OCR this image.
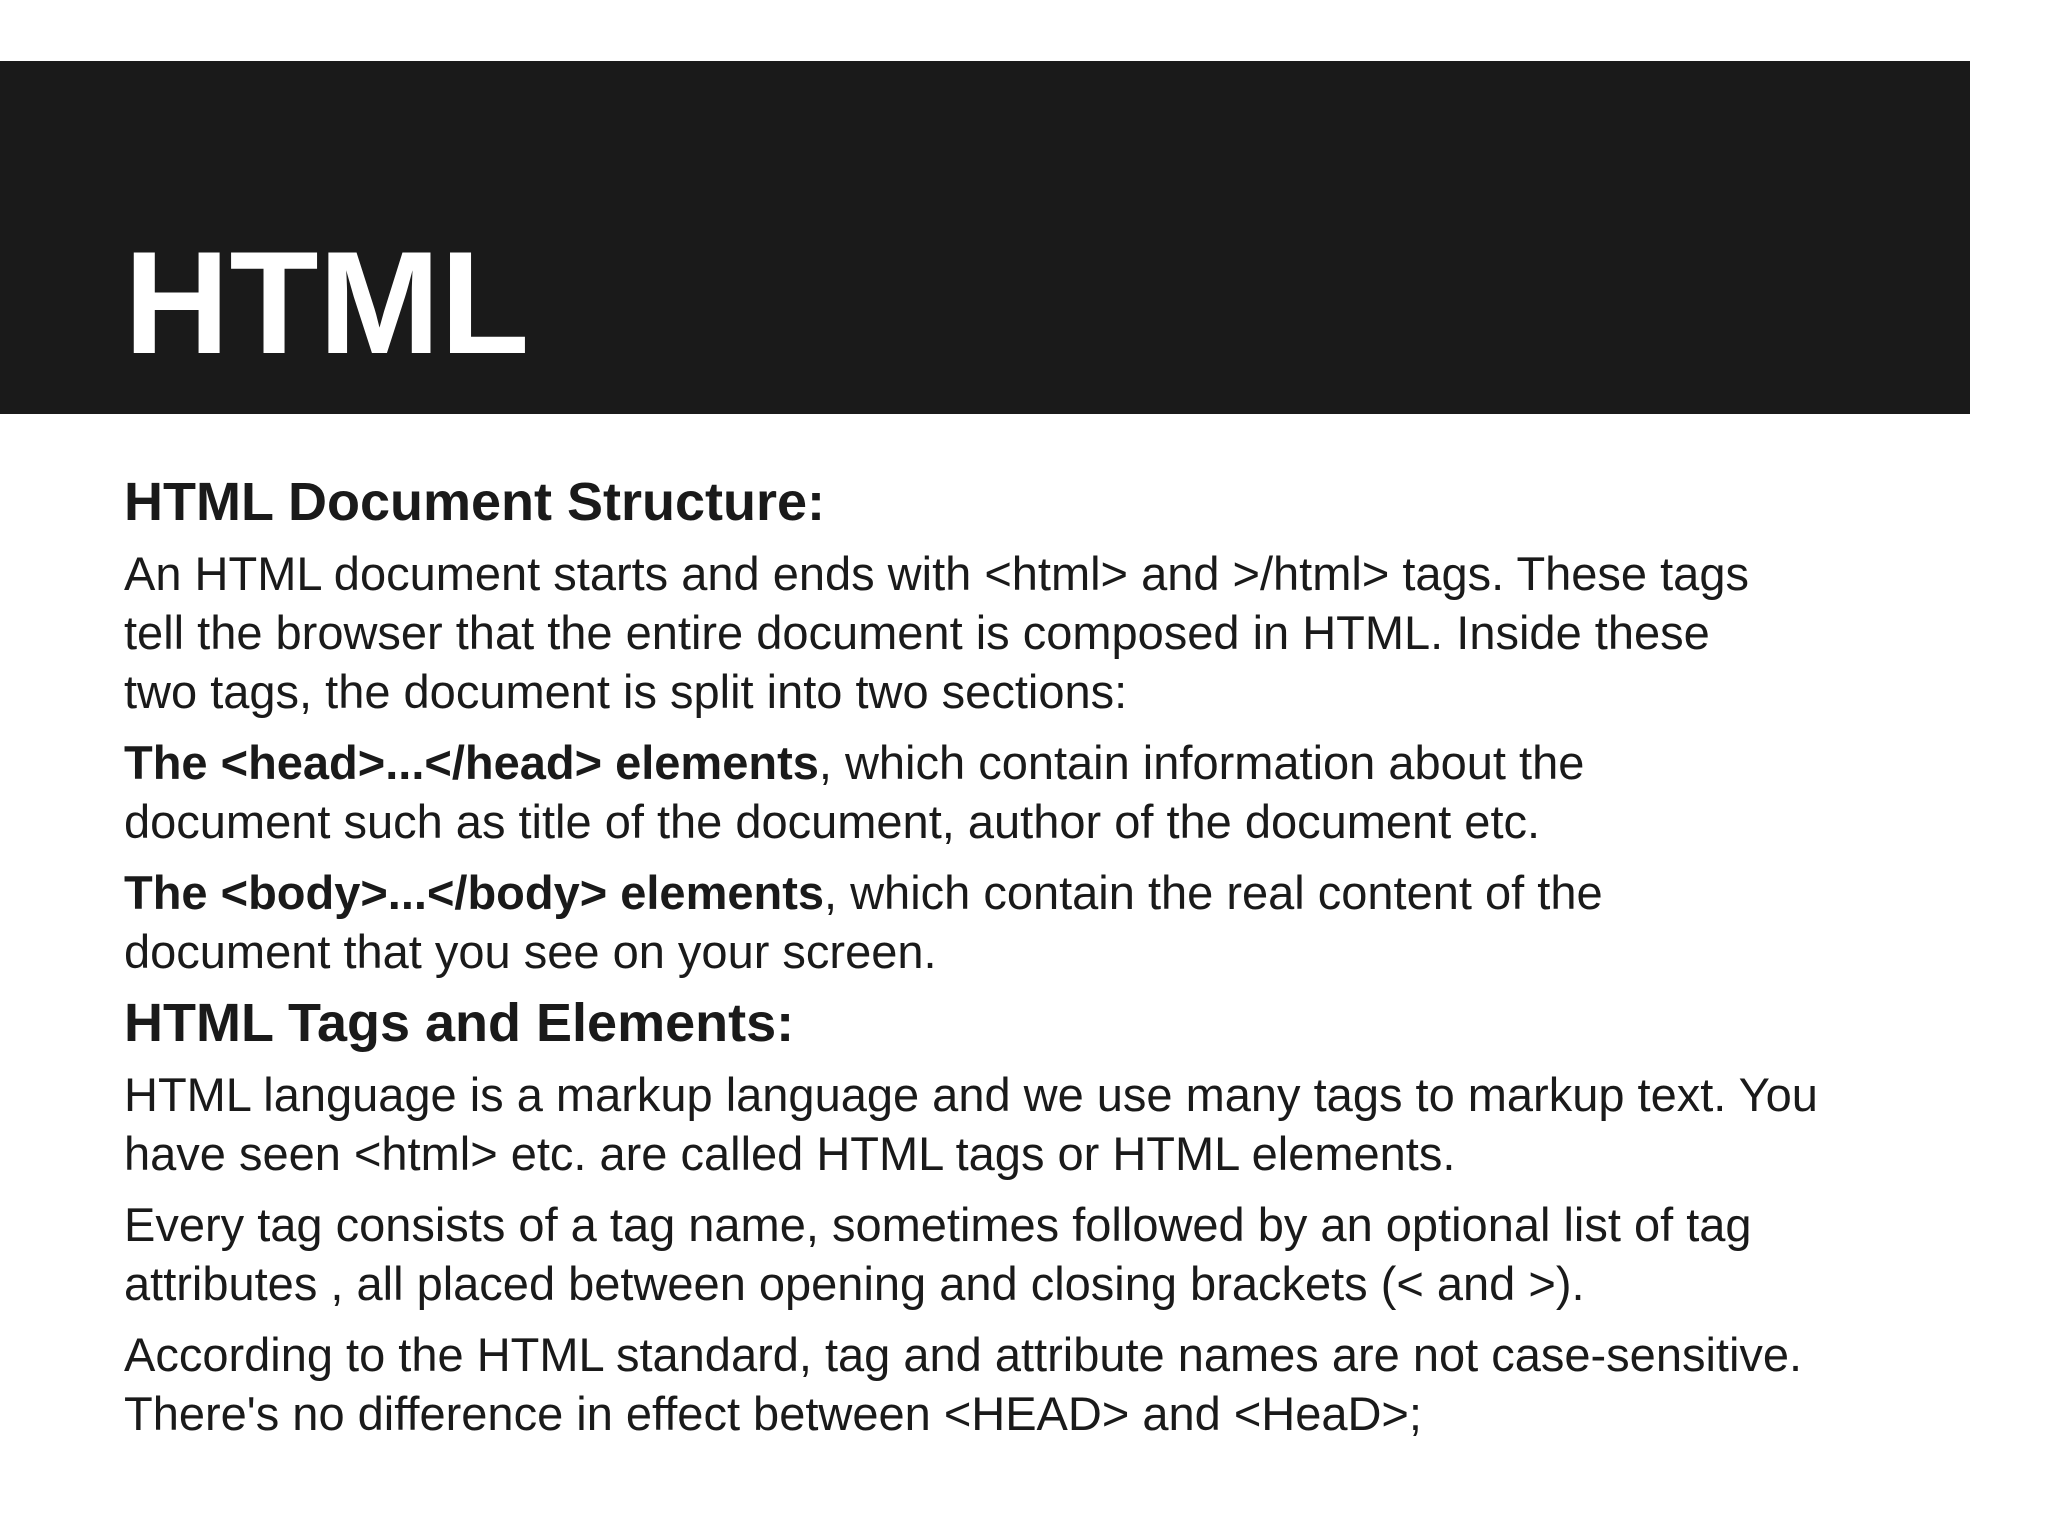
HTML
HTML Document Structure:

An HTML document starts and ends with <html> and >/html> tags. These tags
tell the browser that the entire document is composed in HTML. Inside these
two tags, the document is split into two sections:

The <head>...</head> elements, which contain information about the
document such as title of the document, author of the document etc.

The <body>...</body> elements, which contain the real content of the
document that you see on your screen.

HTML Tags and Elements:

HTML language is a markup language and we use many tags to markup text. You
have seen <html> etc. are called HTML tags or HTML elements.

Every tag consists of a tag name, sometimes followed by an optional list of tag
attributes , all placed between opening and closing brackets (< and >).

According to the HTML standard, tag and attribute names are not case-sensitive.
There's no difference in effect between <HEAD> and <HeaD>;
